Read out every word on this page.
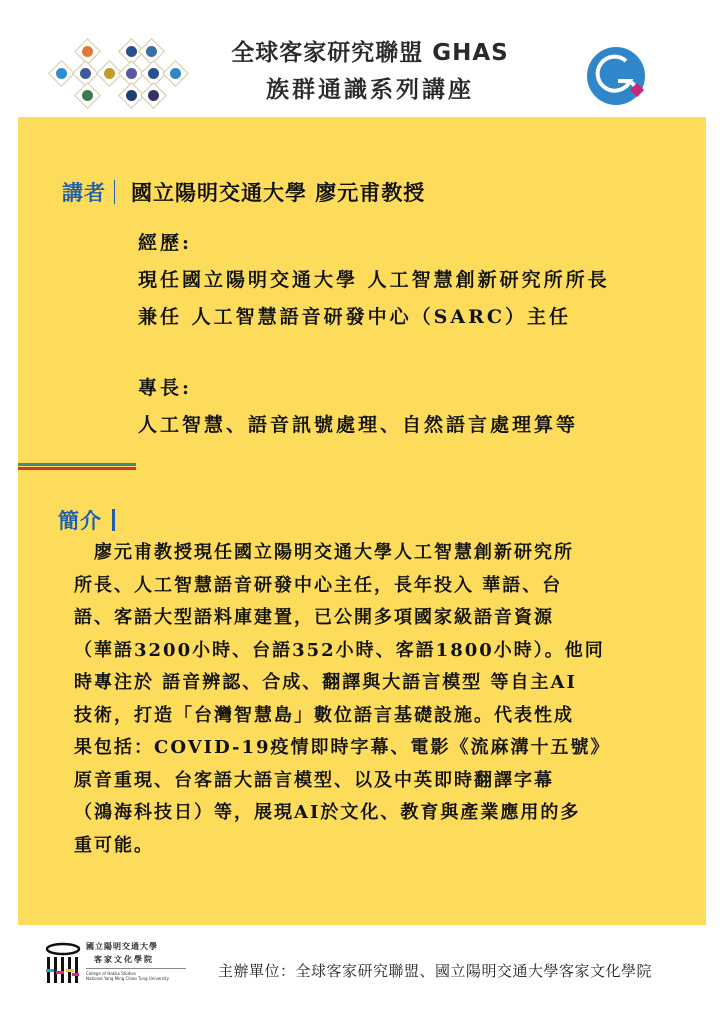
全球客家研究聯盟 GHAS
族群通識系列講座
講者 國立陽明交通大學 廖元甫教授
經歷:
現任國立陽明交通大學 人工智慧創新研究所所長
兼任 人工智慧語音研發中心（SARC）主任
專長:
人工智慧、語音訊號處理、自然語言處理算等
簡介
　廖元甫教授現任國立陽明交通大學人工智慧創新研究所
所長、人工智慧語音研發中心主任，長年投入 華語、台
語、客語大型語料庫建置，已公開多項國家級語音資源
（華語3200小時、台語352小時、客語1800小時）。他同
時專注於 語音辨認、合成、翻譯與大語言模型 等自主AI
技術，打造「台灣智慧島」數位語言基礎設施。代表性成
果包括：COVID-19疫情即時字幕、電影《流麻溝十五號》
原音重現、台客語大語言模型、以及中英即時翻譯字幕
（鴻海科技日）等，展現AI於文化、教育與產業應用的多
重可能。
國立陽明交通大學
客家文化學院
College of Hakka Studies
National Yang Ming Chiao Tung University	主辦單位：全球客家研究聯盟、國立陽明交通大學客家文化學院
